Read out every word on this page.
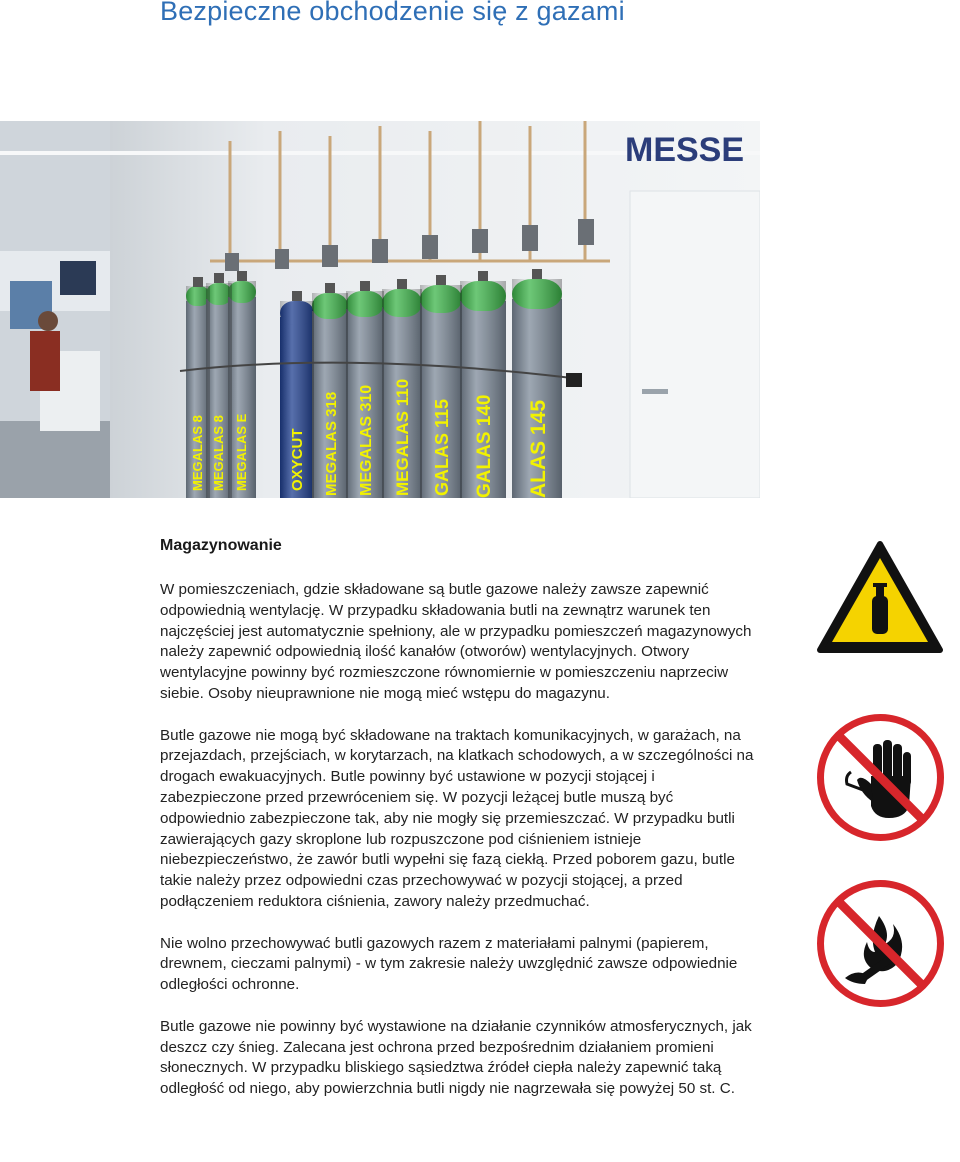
Bezpieczne obchodzenie się z gazami
MESSE
MEGALAS 8 MEGALAS 8 MEGALAS E	OXYCUT MEGALAS 318 MEGALAS 310 MEGALAS 110 GALAS 115 GALAS 140 ALAS 145
Magazynowanie

W pomieszczeniach, gdzie składowane są butle gazowe należy zawsze zapewnić odpowiednią wentylację. W przypadku składowania butli na zewnątrz warunek ten najczęściej jest automatycznie spełniony, ale w przypadku pomieszczeń magazynowych należy zapewnić odpowiednią ilość kanałów (otworów) wentylacyjnych. Otwory wentylacyjne powinny być rozmieszczone równomiernie w pomieszczeniu naprzeciw siebie. Osoby nieuprawnione nie mogą mieć wstępu do magazynu.

Butle gazowe nie mogą być składowane na traktach komunikacyjnych, w garażach, na przejazdach, przejściach, w korytarzach, na klatkach schodowych, a w szczególności na drogach ewakuacyjnych. Butle powinny być ustawione w pozycji stojącej i zabezpieczone przed przewróceniem się. W pozycji leżącej butle muszą być odpowiednio zabezpieczone tak, aby nie mogły się przemieszczać. W przypadku butli zawierających gazy skroplone lub rozpuszczone pod ciśnieniem istnieje niebezpieczeństwo, że zawór butli wypełni się fazą ciekłą. Przed poborem gazu, butle takie należy przez odpowiedni czas przechowywać w pozycji stojącej, a przed podłączeniem reduktora ciśnienia, zawory należy przedmuchać.

Nie wolno przechowywać butli gazowych razem z materiałami palnymi (papierem, drewnem, cieczami palnymi) - w tym zakresie należy uwzględnić zawsze odpowiednie odległości ochronne.

Butle gazowe nie powinny być wystawione na działanie czynników atmosferycznych, jak deszcz czy śnieg. Zalecana jest ochrona przed bezpośrednim działaniem promieni słonecznych. W przypadku bliskiego sąsiedztwa źródeł ciepła należy zapewnić taką odległość od niego, aby powierzchnia butli nigdy nie nagrzewała się powyżej 50 st. C.
